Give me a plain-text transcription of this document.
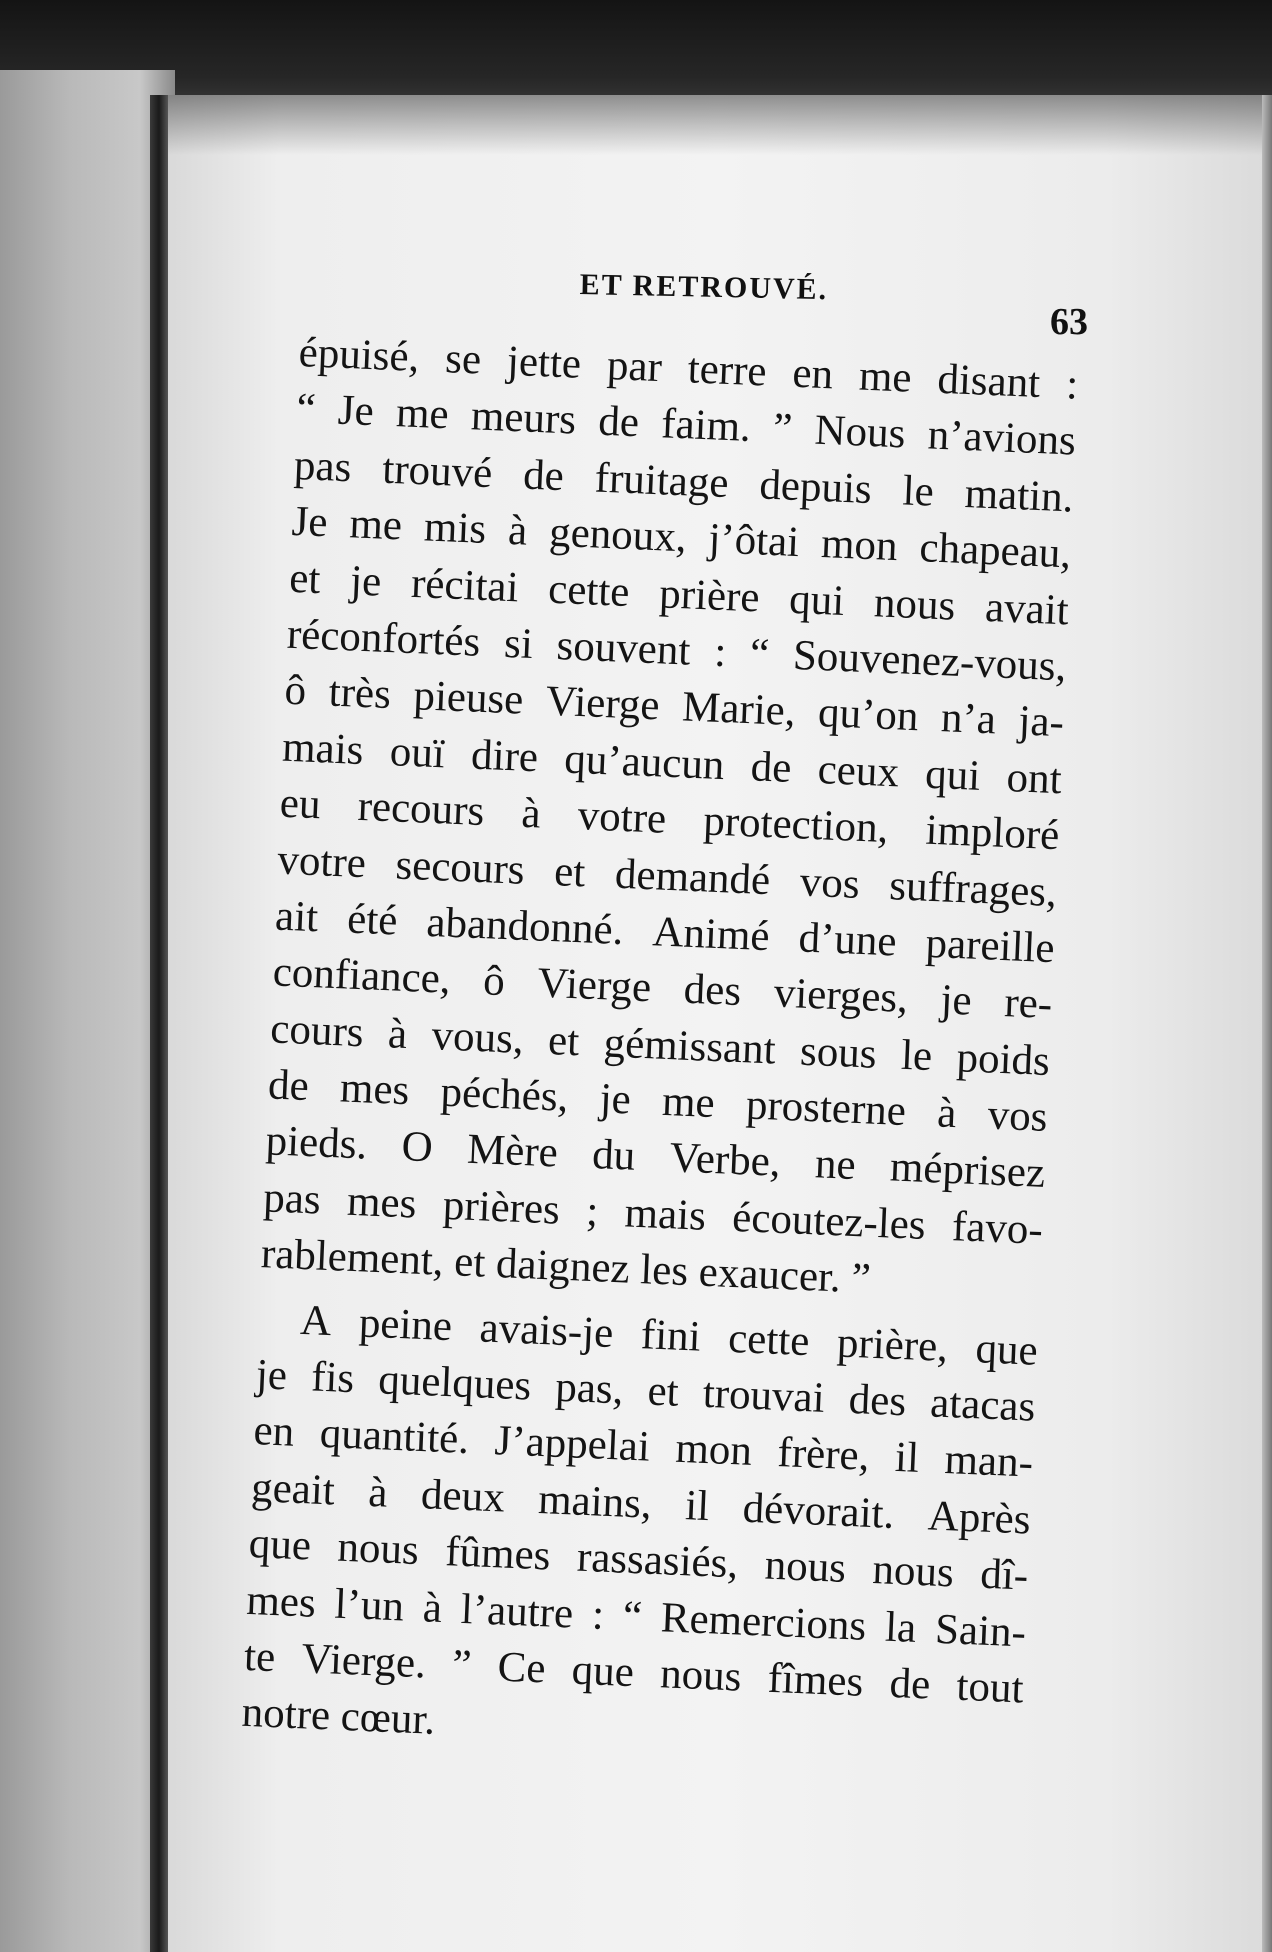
ET RETROUVÉ.
63
épuisé, se jette par terre en me disant :
“ Je me meurs de faim. ” Nous n’avions
pas trouvé de fruitage depuis le matin.
Je me mis à genoux, j’ôtai mon chapeau,
et je récitai cette prière qui nous avait
réconfortés si souvent : “ Souvenez-vous,
ô très pieuse Vierge Marie, qu’on n’a ja-
mais ouï dire qu’aucun de ceux qui ont
eu recours à votre protection, imploré
votre secours et demandé vos suffrages,
ait été abandonné. Animé d’une pareille
confiance, ô Vierge des vierges, je re-
cours à vous, et gémissant sous le poids
de mes péchés, je me prosterne à vos
pieds. O Mère du Verbe, ne méprisez
pas mes prières ; mais écoutez-les favo-
rablement, et daignez les exaucer. ”
A peine avais-je fini cette prière, que
je fis quelques pas, et trouvai des atacas
en quantité. J’appelai mon frère, il man-
geait à deux mains, il dévorait. Après
que nous fûmes rassasiés, nous nous dî-
mes l’un à l’autre : “ Remercions la Sain-
te Vierge. ” Ce que nous fîmes de tout
notre cœur.
